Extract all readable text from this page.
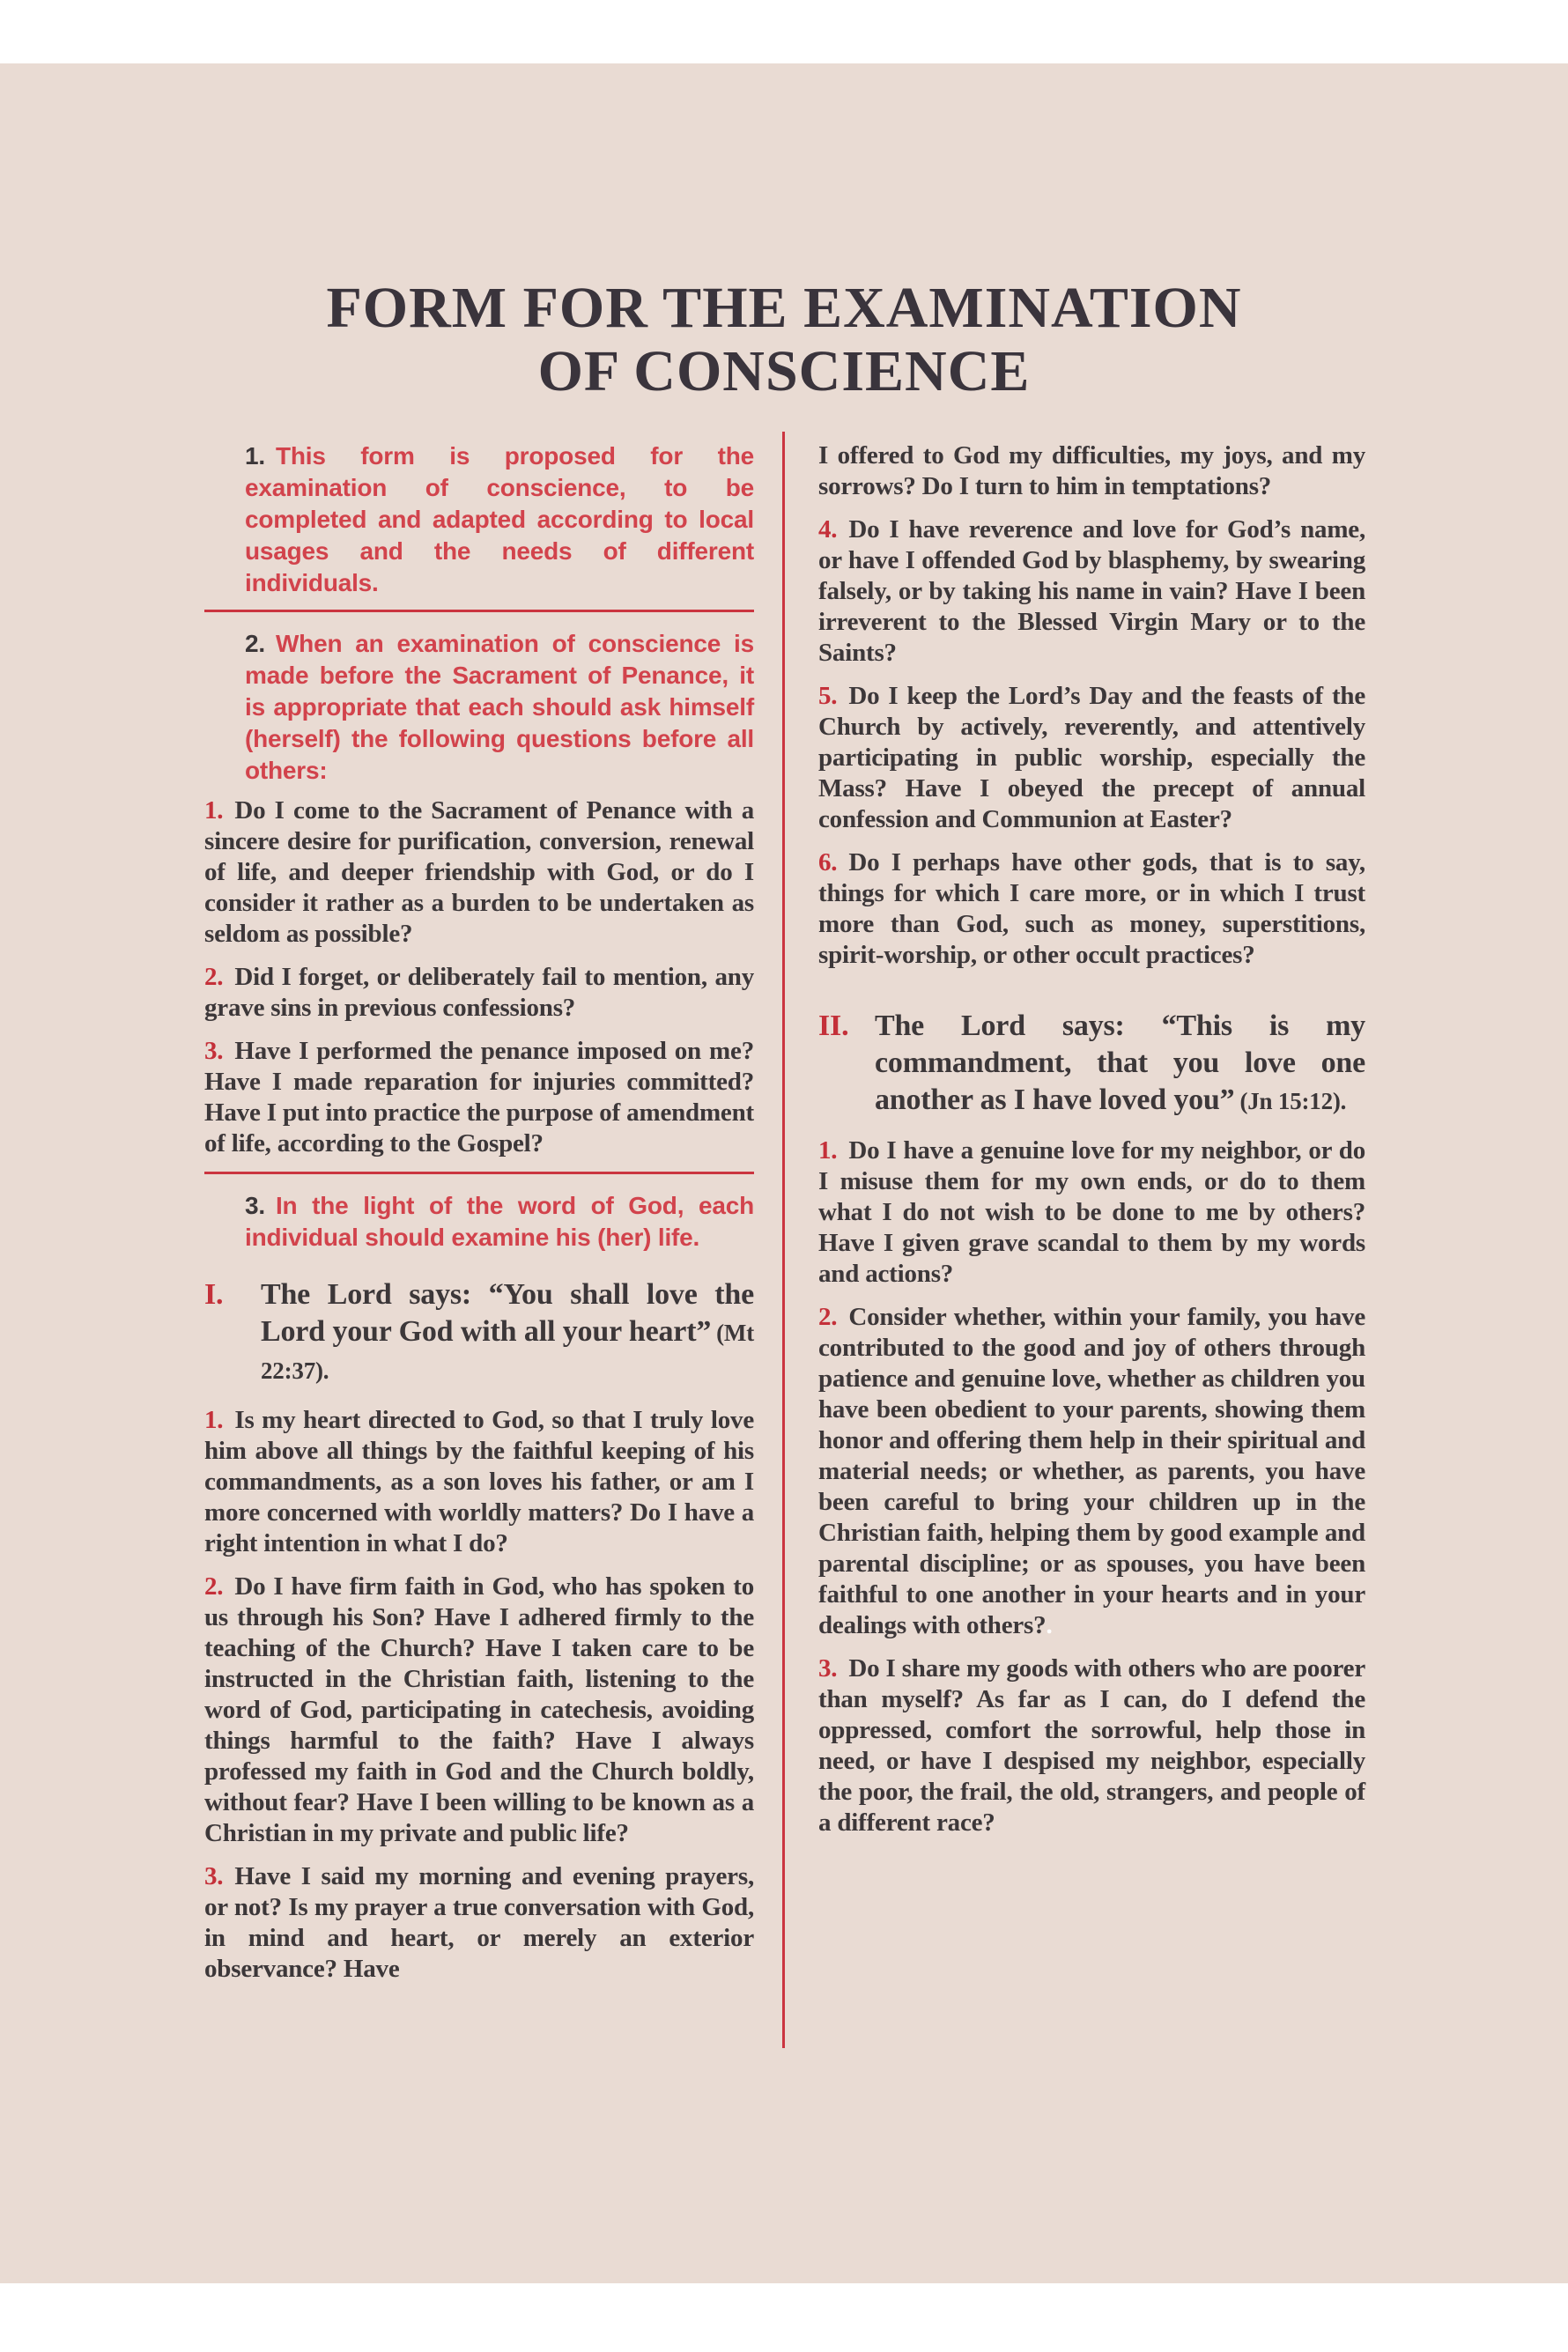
FORM FOR THE EXAMINATION
OF CONSCIENCE

1. This form is proposed for the examination of conscience, to be completed and adapted according to local usages and the needs of different individuals.

2. When an examination of conscience is made before the Sacrament of Penance, it is appropriate that each should ask himself (herself) the following questions before all others:

1. Do I come to the Sacrament of Penance with a sincere desire for purification, conversion, renewal of life, and deeper friendship with God, or do I consider it rather as a burden to be undertaken as seldom as possible?

2. Did I forget, or deliberately fail to mention, any grave sins in previous confessions?

3. Have I performed the penance imposed on me? Have I made reparation for injuries committed? Have I put into practice the purpose of amendment of life, according to the Gospel?

3. In the light of the word of God, each individual should examine his (her) life.

I. The Lord says: “You shall love the Lord your God with all your heart” (Mt 22:37).

1. Is my heart directed to God, so that I truly love him above all things by the faithful keeping of his commandments, as a son loves his father, or am I more concerned with worldly matters? Do I have a right intention in what I do?

2. Do I have firm faith in God, who has spoken to us through his Son? Have I adhered firmly to the teaching of the Church? Have I taken care to be instructed in the Christian faith, listening to the word of God, participating in catechesis, avoiding things harmful to the faith? Have I always professed my faith in God and the Church boldly, without fear? Have I been willing to be known as a Christian in my private and public life?

3. Have I said my morning and evening prayers, or not? Is my prayer a true conversation with God, in mind and heart, or merely an exterior observance? Have

I offered to God my difficulties, my joys, and my sorrows? Do I turn to him in temptations?

4. Do I have reverence and love for God’s name, or have I offended God by blasphemy, by swearing falsely, or by taking his name in vain? Have I been irreverent to the Blessed Virgin Mary or to the Saints?

5. Do I keep the Lord’s Day and the feasts of the Church by actively, reverently, and attentively participating in public worship, especially the Mass? Have I obeyed the precept of annual confession and Communion at Easter?

6. Do I perhaps have other gods, that is to say, things for which I care more, or in which I trust more than God, such as money, superstitions, spirit-worship, or other occult practices?

II. The Lord says: “This is my commandment, that you love one another as I have loved you” (Jn 15:12).

1. Do I have a genuine love for my neighbor, or do I misuse them for my own ends, or do to them what I do not wish to be done to me by others? Have I given grave scandal to them by my words and actions?

2. Consider whether, within your family, you have contributed to the good and joy of others through patience and genuine love, whether as children you have been obedient to your parents, showing them honor and offering them help in their spiritual and material needs; or whether, as parents, you have been careful to bring your children up in the Christian faith, helping them by good example and parental discipline; or as spouses, you have been faithful to one another in your hearts and in your dealings with others?.

3. Do I share my goods with others who are poorer than myself? As far as I can, do I defend the oppressed, comfort the sorrowful, help those in need, or have I despised my neighbor, especially the poor, the frail, the old, strangers, and people of a different race?
